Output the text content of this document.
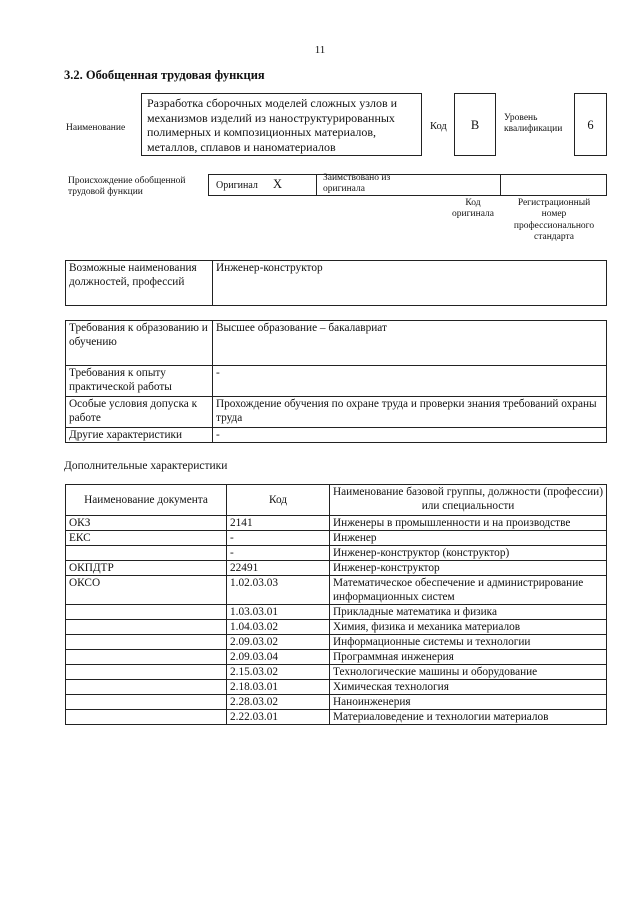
11
3.2. Обобщенная трудовая функция
Наименование
Разработка сборочных моделей сложных узлов и механизмов изделий из наноструктурированных полимерных и композиционных материалов, металлов, сплавов и наноматериалов
Код	В	Уровень квалификации	6
Происхождение обобщенной трудовой функции
Оригинал Х	Заимствовано из оригинала
Код оригинала
Регистрационный номер профессионального стандарта
Возможные наименования должностей, профессий	Инженер-конструктор
Требования к образованию и обучению	Высшее образование – бакалавриат
Требования к опыту практической работы	-
Особые условия допуска к работе	Прохождение обучения по охране труда и проверки знания требований охраны труда
Другие характеристики	-
Дополнительные характеристики
Наименование документа	Код	Наименование базовой группы, должности (профессии) или специальности
ОКЗ	2141	Инженеры в промышленности и на производстве
ЕКС	-	Инженер
	-	Инженер-конструктор (конструктор)
ОКПДТР	22491	Инженер-конструктор
ОКСО	1.02.03.03	Математическое обеспечение и администрирование информационных систем
	1.03.03.01	Прикладные математика и физика
	1.04.03.02	Химия, физика и механика материалов
	2.09.03.02	Информационные системы и технологии
	2.09.03.04	Программная инженерия
	2.15.03.02	Технологические машины и оборудование
	2.18.03.01	Химическая технология
	2.28.03.02	Наноинженерия
	2.22.03.01	Материаловедение и технологии материалов
